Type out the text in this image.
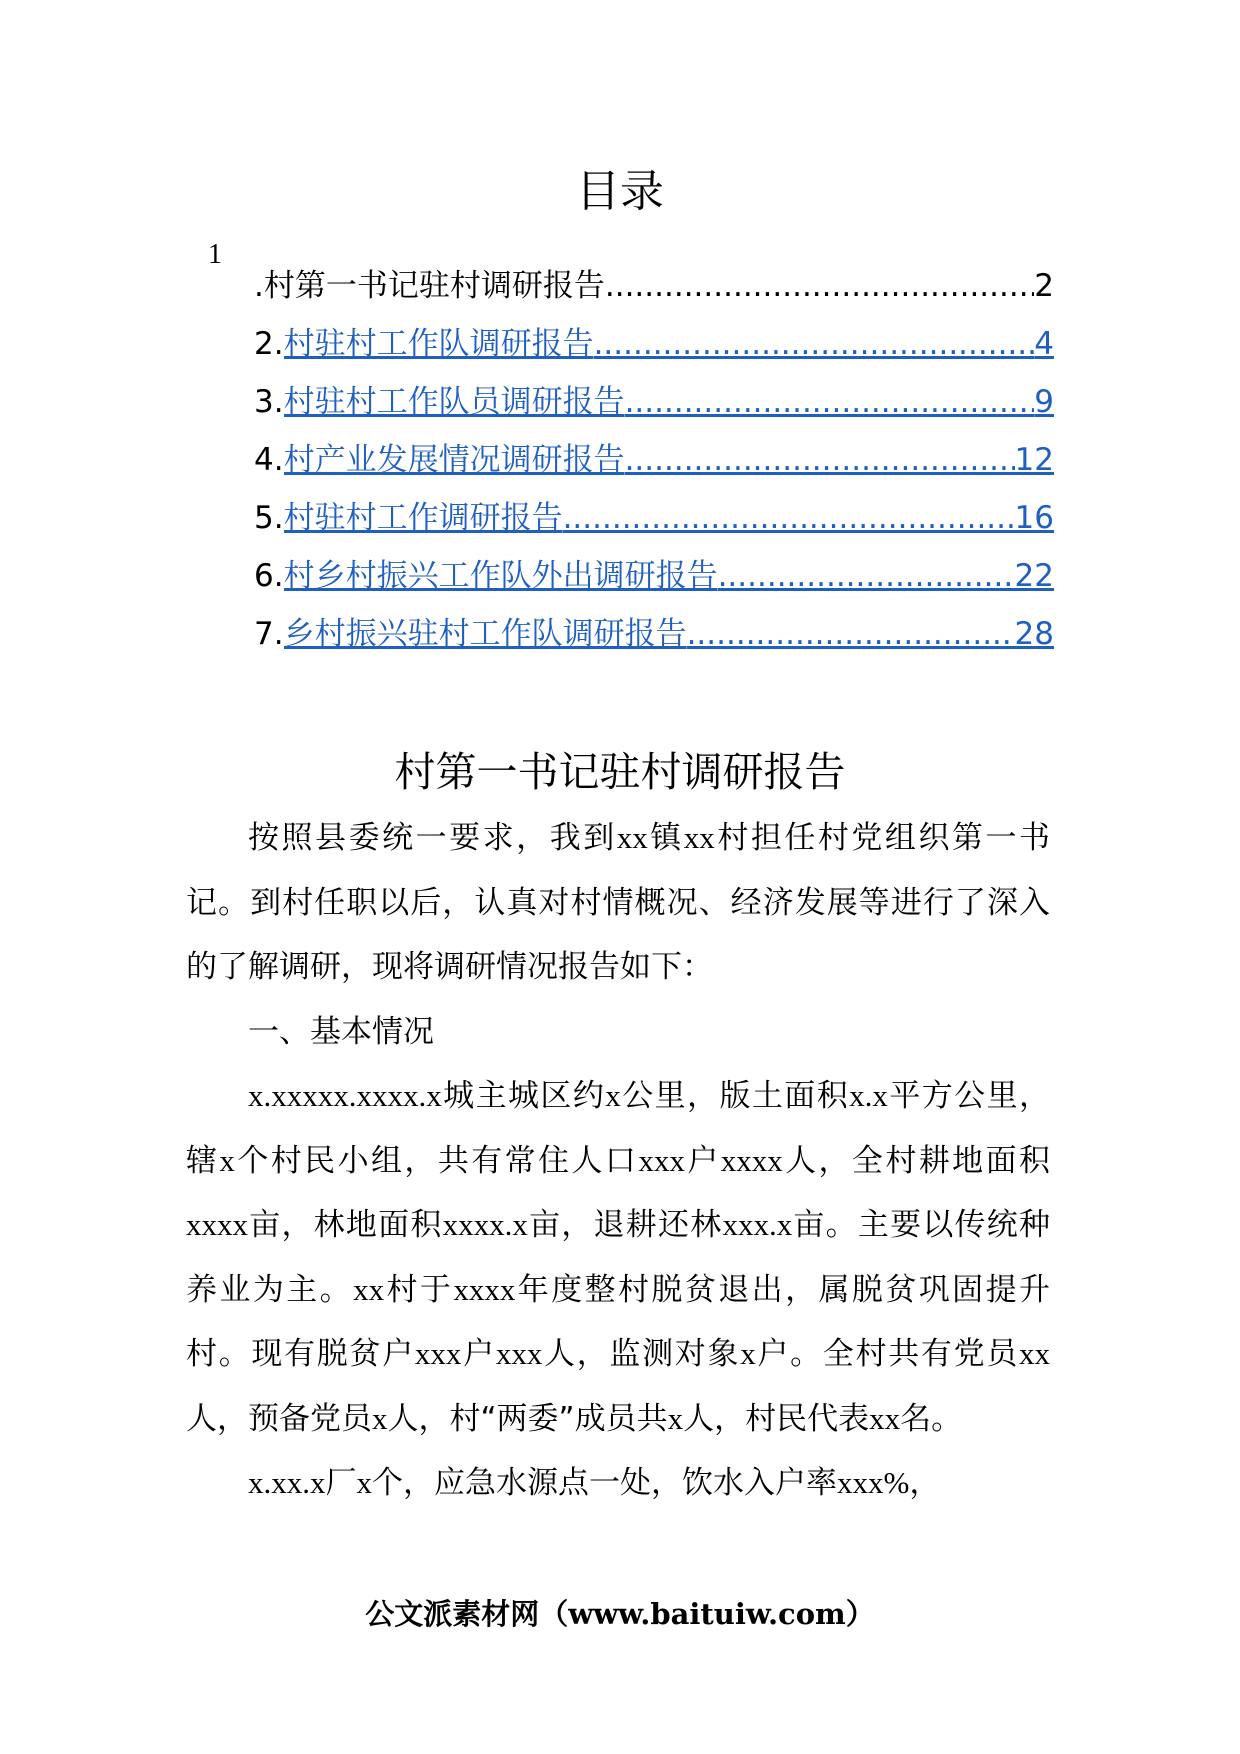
目录
1
.村第一书记驻村调研报告 .....	2
2. 村驻村工作队调研报告 .....	4
3. 村驻村工作队员调研报告 .....	9
4. 村产业发展情况调研报告 .....	12
5. 村驻村工作调研报告 .....	16
6. 村乡村振兴工作队外出调研报告 .....	22
7. 乡村振兴驻村工作队调研报告 .....	28
村第一书记驻村调研报告

按照县委统一要求，我到xx镇xx村担任村党组织第一书记。到村任职以后，认真对村情概况、经济发展等进行了深入的了解调研，现将调研情况报告如下：

一、基本情况

x.xxxxx.xxxx.x城主城区约x公里，版土面积x.x平方公里，辖x个村民小组，共有常住人口xxx户xxxx人，全村耕地面积xxxx亩，林地面积xxxx.x亩，退耕还林xxx.x亩。主要以传统种养业为主。xx村于xxxx年度整村脱贫退出，属脱贫巩固提升村。现有脱贫户xxx户xxx人，监测对象x户。全村共有党员xx人，预备党员x人，村“两委”成员共x人，村民代表xx名。

x.xx.x厂x个，应急水源点一处，饮水入户率xxx%，

公文派素材网（www.baituiw.com）
